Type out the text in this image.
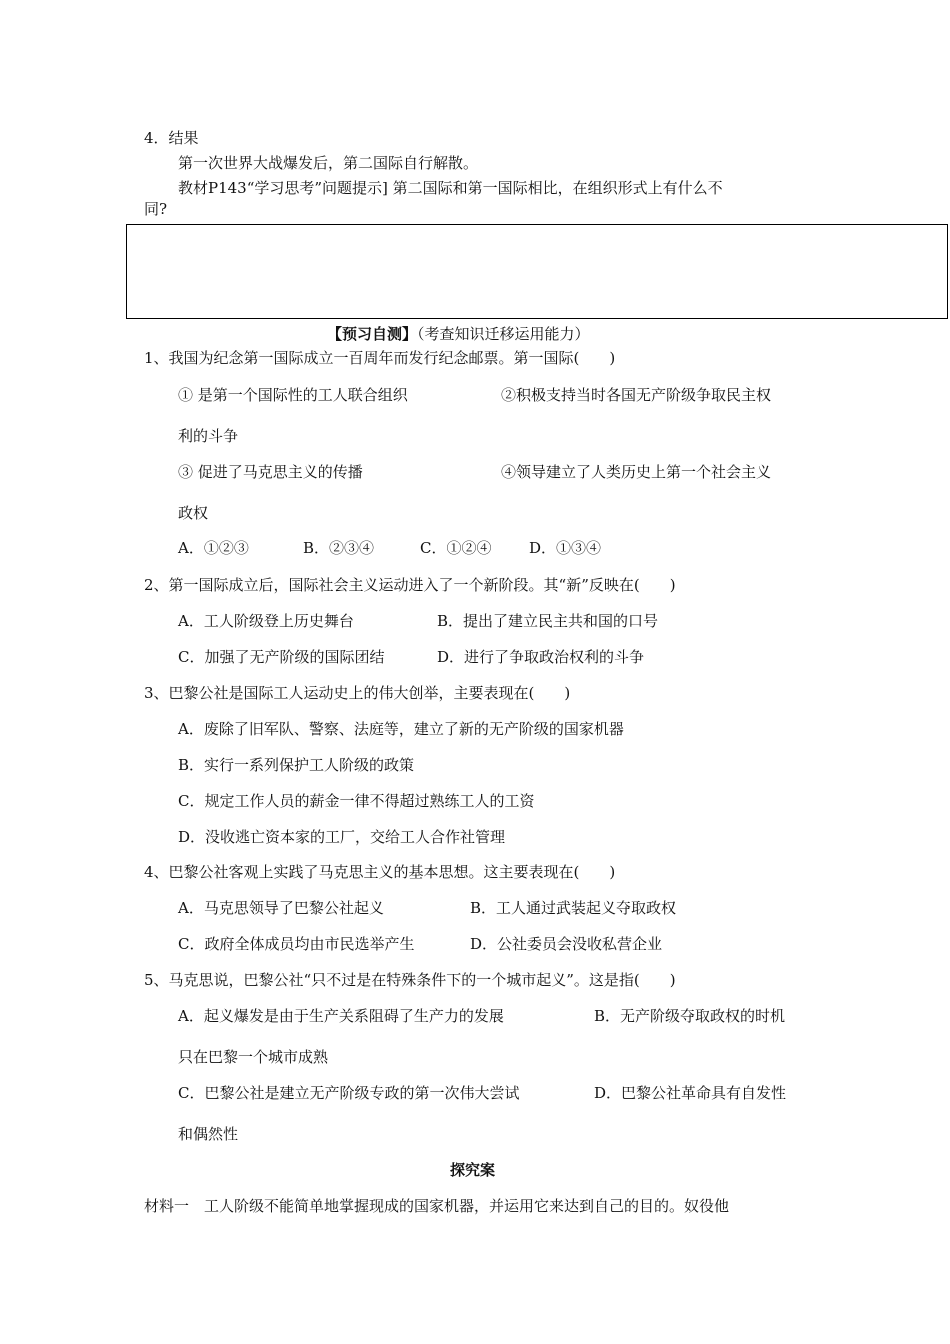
4．结果
第一次世界大战爆发后，第二国际自行解散。
教材P143“学习思考”问题提示] 第二国际和第一国际相比，在组织形式上有什么不
同?
【预习自测】（考查知识迁移运用能力）
1、我国为纪念第一国际成立一百周年而发行纪念邮票。第一国际(　　)
① 是第一个国际性的工人联合组织	②积极支持当时各国无产阶级争取民主权
利的斗争
③ 促进了马克思主义的传播	④领导建立了人类历史上第一个社会主义
政权
A．①②③	B．②③④	C．①②④	D．①③④
2、第一国际成立后，国际社会主义运动进入了一个新阶段。其“新”反映在(　　)
A．工人阶级登上历史舞台	B．提出了建立民主共和国的口号
C．加强了无产阶级的国际团结	D．进行了争取政治权利的斗争
3、巴黎公社是国际工人运动史上的伟大创举，主要表现在(　　)
A．废除了旧军队、警察、法庭等，建立了新的无产阶级的国家机器
B．实行一系列保护工人阶级的政策
C．规定工作人员的薪金一律不得超过熟练工人的工资
D．没收逃亡资本家的工厂，交给工人合作社管理
4、巴黎公社客观上实践了马克思主义的基本思想。这主要表现在(　　)
A．马克思领导了巴黎公社起义	B．工人通过武装起义夺取政权
C．政府全体成员均由市民选举产生	D．公社委员会没收私营企业
5、马克思说，巴黎公社“只不过是在特殊条件下的一个城市起义”。这是指(　　)
A．起义爆发是由于生产关系阻碍了生产力的发展	B．无产阶级夺取政权的时机
只在巴黎一个城市成熟
C．巴黎公社是建立无产阶级专政的第一次伟大尝试	D．巴黎公社革命具有自发性
和偶然性
探究案
材料一　工人阶级不能简单地掌握现成的国家机器，并运用它来达到自己的目的。奴役他
